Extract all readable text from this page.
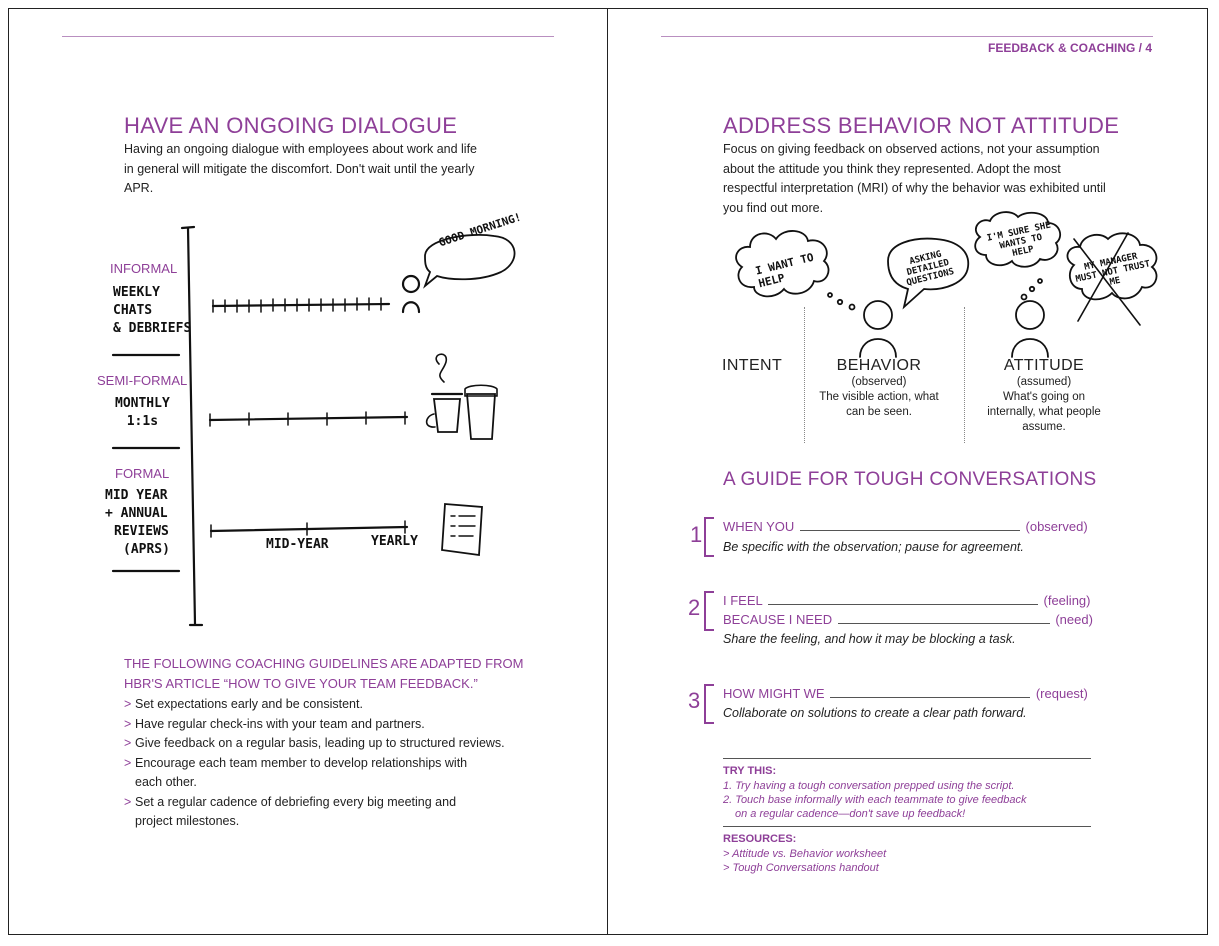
HAVE AN ONGOING DIALOGUE
Having an ongoing dialogue with employees about work and life in general will mitigate the discomfort. Don't wait until the yearly APR.
GOOD MORNING!
INFORMAL
WEEKLY
CHATS
& DEBRIEFS
SEMI-FORMAL
MONTHLY
1:1s
FORMAL
MID YEAR
+ ANNUAL
REVIEWS
(APRS)	MID-YEAR	YEARLY
THE FOLLOWING COACHING GUIDELINES ARE ADAPTED FROM HBR'S ARTICLE “HOW TO GIVE YOUR TEAM FEEDBACK.”
> Set expectations early and be consistent.
> Have regular check-ins with your team and partners.
> Give feedback on a regular basis, leading up to structured reviews.
> Encourage each team member to develop relationships with each other.
> Set a regular cadence of debriefing every big meeting and project milestones.
FEEDBACK & COACHING / 4
ADDRESS BEHAVIOR NOT ATTITUDE
Focus on giving feedback on observed actions, not your assumption about the attitude you think they represented. Adopt the most respectful interpretation (MRI) of why the behavior was exhibited until you find out more.
I WANT TO HELP
ASKING DETAILED QUESTIONS
I'M SURE SHE WANTS TO HELP	MY MANAGER MUST NOT TRUST ME
INTENT	BEHAVIOR
(observed)
The visible action, what can be seen.
ATTITUDE
(assumed)
What's going on internally, what people assume.
A GUIDE FOR TOUGH CONVERSATIONS
1 WHEN YOU	(observed)
Be specific with the observation; pause for agreement.
2 I FEEL	(feeling)
BECAUSE I NEED	(need)
Share the feeling, and how it may be blocking a task.
3 HOW MIGHT WE	(request)
Collaborate on solutions to create a clear path forward.
TRY THIS:
1. Try having a tough conversation prepped using the script.
2. Touch base informally with each teammate to give feedback
on a regular cadence—don't save up feedback!
RESOURCES:
> Attitude vs. Behavior worksheet
> Tough Conversations handout
